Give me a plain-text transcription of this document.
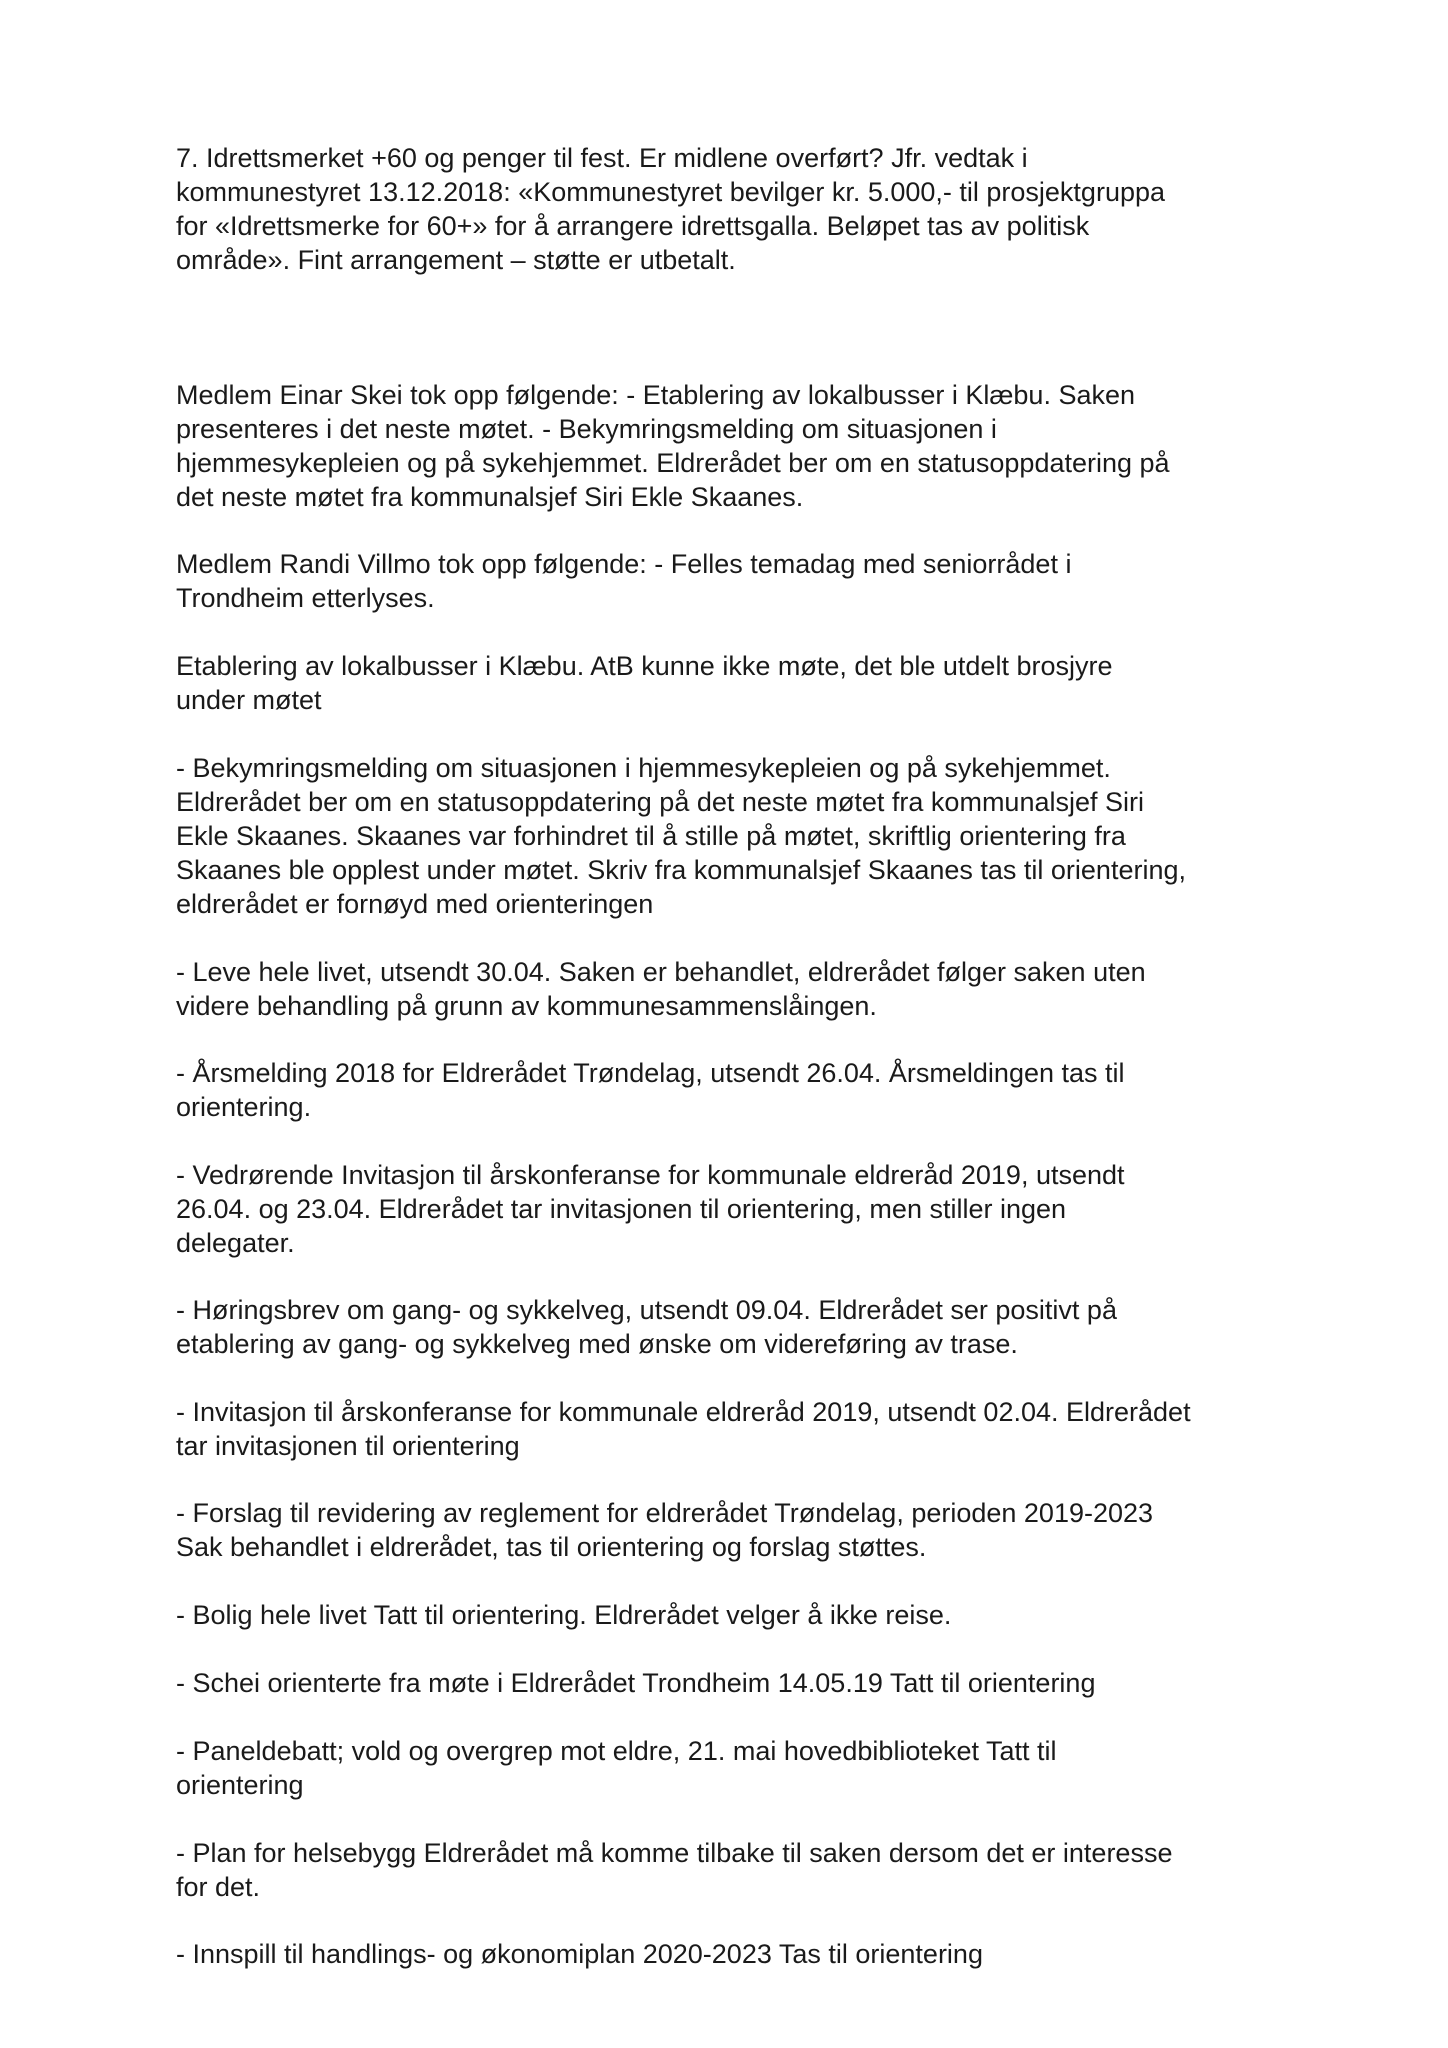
7. Idrettsmerket +60 og penger til fest. Er midlene overført? Jfr. vedtak i
kommunestyret 13.12.2018: «Kommunestyret bevilger kr. 5.000,- til prosjektgruppa
for «Idrettsmerke for 60+» for å arrangere idrettsgalla. Beløpet tas av politisk
område». Fint arrangement – støtte er utbetalt.

Medlem Einar Skei tok opp følgende: - Etablering av lokalbusser i Klæbu. Saken
presenteres i det neste møtet. - Bekymringsmelding om situasjonen i
hjemmesykepleien og på sykehjemmet. Eldrerådet ber om en statusoppdatering på
det neste møtet fra kommunalsjef Siri Ekle Skaanes.

Medlem Randi Villmo tok opp følgende: - Felles temadag med seniorrådet i
Trondheim etterlyses.

Etablering av lokalbusser i Klæbu. AtB kunne ikke møte, det ble utdelt brosjyre
under møtet

- Bekymringsmelding om situasjonen i hjemmesykepleien og på sykehjemmet.
Eldrerådet ber om en statusoppdatering på det neste møtet fra kommunalsjef Siri
Ekle Skaanes. Skaanes var forhindret til å stille på møtet, skriftlig orientering fra
Skaanes ble opplest under møtet. Skriv fra kommunalsjef Skaanes tas til orientering,
eldrerådet er fornøyd med orienteringen

- Leve hele livet, utsendt 30.04. Saken er behandlet, eldrerådet følger saken uten
videre behandling på grunn av kommunesammenslåingen.

- Årsmelding 2018 for Eldrerådet Trøndelag, utsendt 26.04. Årsmeldingen tas til
orientering.

- Vedrørende Invitasjon til årskonferanse for kommunale eldreråd 2019, utsendt
26.04. og 23.04. Eldrerådet tar invitasjonen til orientering, men stiller ingen
delegater.

- Høringsbrev om gang- og sykkelveg, utsendt 09.04. Eldrerådet ser positivt på
etablering av gang- og sykkelveg med ønske om videreføring av trase.

- Invitasjon til årskonferanse for kommunale eldreråd 2019, utsendt 02.04. Eldrerådet
tar invitasjonen til orientering

- Forslag til revidering av reglement for eldrerådet Trøndelag, perioden 2019-2023
Sak behandlet i eldrerådet, tas til orientering og forslag støttes.

- Bolig hele livet Tatt til orientering. Eldrerådet velger å ikke reise.

- Schei orienterte fra møte i Eldrerådet Trondheim 14.05.19 Tatt til orientering

- Paneldebatt; vold og overgrep mot eldre, 21. mai hovedbiblioteket Tatt til
orientering

- Plan for helsebygg Eldrerådet må komme tilbake til saken dersom det er interesse
for det.

- Innspill til handlings- og økonomiplan 2020-2023 Tas til orientering
